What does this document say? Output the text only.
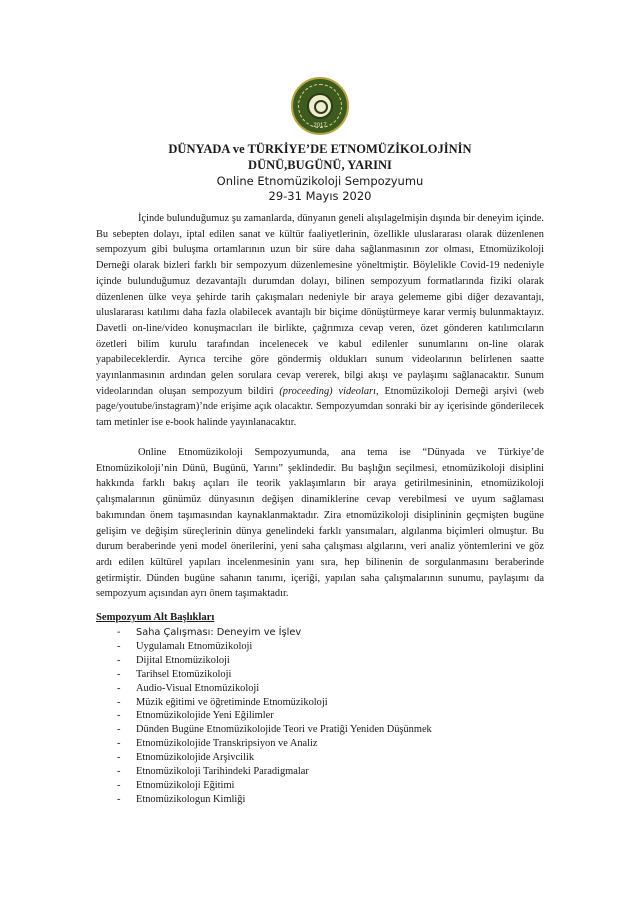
2017
DÜNYADA ve TÜRKİYE’DE ETNOMÜZİKOLOJİNİN
DÜNÜ,BUGÜNÜ, YARINI
Online Etnomüzikoloji Sempozyumu
29-31 Mayıs 2020

İçinde bulunduğumuz şu zamanlarda, dünyanın geneli alışılagelmişin dışında bir deneyim içinde. Bu sebepten dolayı, iptal edilen sanat ve kültür faaliyetlerinin, özellikle uluslararası olarak düzenlenen sempozyum gibi buluşma ortamlarının uzun bir süre daha sağlanmasının zor olması, Etnomüzikoloji Derneği olarak bizleri farklı bir sempozyum düzenlemesine yöneltmiştir. Böylelikle Covid-19 nedeniyle içinde bulunduğumuz dezavantajlı durumdan dolayı, bilinen sempozyum formatlarında fiziki olarak düzenlenen ülke veya şehirde tarih çakışmaları nedeniyle bir araya gelememe gibi diğer dezavantajı, uluslararası katılımı daha fazla olabilecek avantajlı bir biçime dönüştürmeye karar vermiş bulunmaktayız. Davetli on-line/video konuşmacıları ile birlikte, çağrımıza cevap veren, özet gönderen katılımcıların özetleri bilim kurulu tarafından incelenecek ve kabul edilenler sunumlarını on-line olarak yapabileceklerdir. Ayrıca tercihe göre göndermiş oldukları sunum videolarının belirlenen saatte yayınlanmasının ardından gelen sorulara cevap vererek, bilgi akışı ve paylaşımı sağlanacaktır. Sunum videolarından oluşan sempozyum bildiri (proceeding) videoları, Etnomüzikoloji Derneği arşivi (web page/youtube/instagram)’nde erişime açık olacaktır. Sempozyumdan sonraki bir ay içerisinde gönderilecek tam metinler ise e-book halinde yayınlanacaktır.

Online Etnomüzikoloji Sempozyumunda, ana tema ise “Dünyada ve Türkiye’de Etnomüzikoloji’nin Dünü, Bugünü, Yarını” şeklindedir. Bu başlığın seçilmesi, etnomüzikoloji disiplini hakkında farklı bakış açıları ile teorik yaklaşımların bir araya getirilmesininin, etnomüzikoloji çalışmalarının günümüz dünyasının değişen dinamiklerine cevap verebilmesi ve uyum sağlaması bakımından önem taşımasından kaynaklanmaktadır. Zira etnomüzikoloji disiplininin geçmişten bugüne gelişim ve değişim süreçlerinin dünya genelindeki farklı yansımaları, algılanma biçimleri olmuştur. Bu durum beraberinde yeni model önerilerini, yeni saha çalışması algılarını, veri analiz yöntemlerini ve göz ardı edilen kültürel yapıları incelenmesinin yanı sıra, hep bilinenin de sorgulanmasını beraberinde getirmiştir. Dünden bugüne sahanın tanımı, içeriği, yapılan saha çalışmalarının sunumu, paylaşımı da sempozyum açısından ayrı önem taşımaktadır.

Sempozyum Alt Başlıkları
- Saha Çalışması: Deneyim ve İşlev
- Uygulamalı Etnomüzikoloji
- Dijital Etnomüzikoloji
- Tarihsel Etomüzikoloji
- Audio-Visual Etnomüzikoloji
- Müzik eğitimi ve öğretiminde Etnomüzikoloji
- Etnomüzikolojide Yeni Eğilimler
- Dünden Bugüne Etnomüzikolojide Teori ve Pratiği Yeniden Düşünmek
- Etnomüzikolojide Transkripsiyon ve Analiz
- Etnomüzikolojide Arşivcilik
- Etnomüzikoloji Tarihindeki Paradigmalar
- Etnomüzikoloji Eğitimi
- Etnomüzikologun Kimliği
